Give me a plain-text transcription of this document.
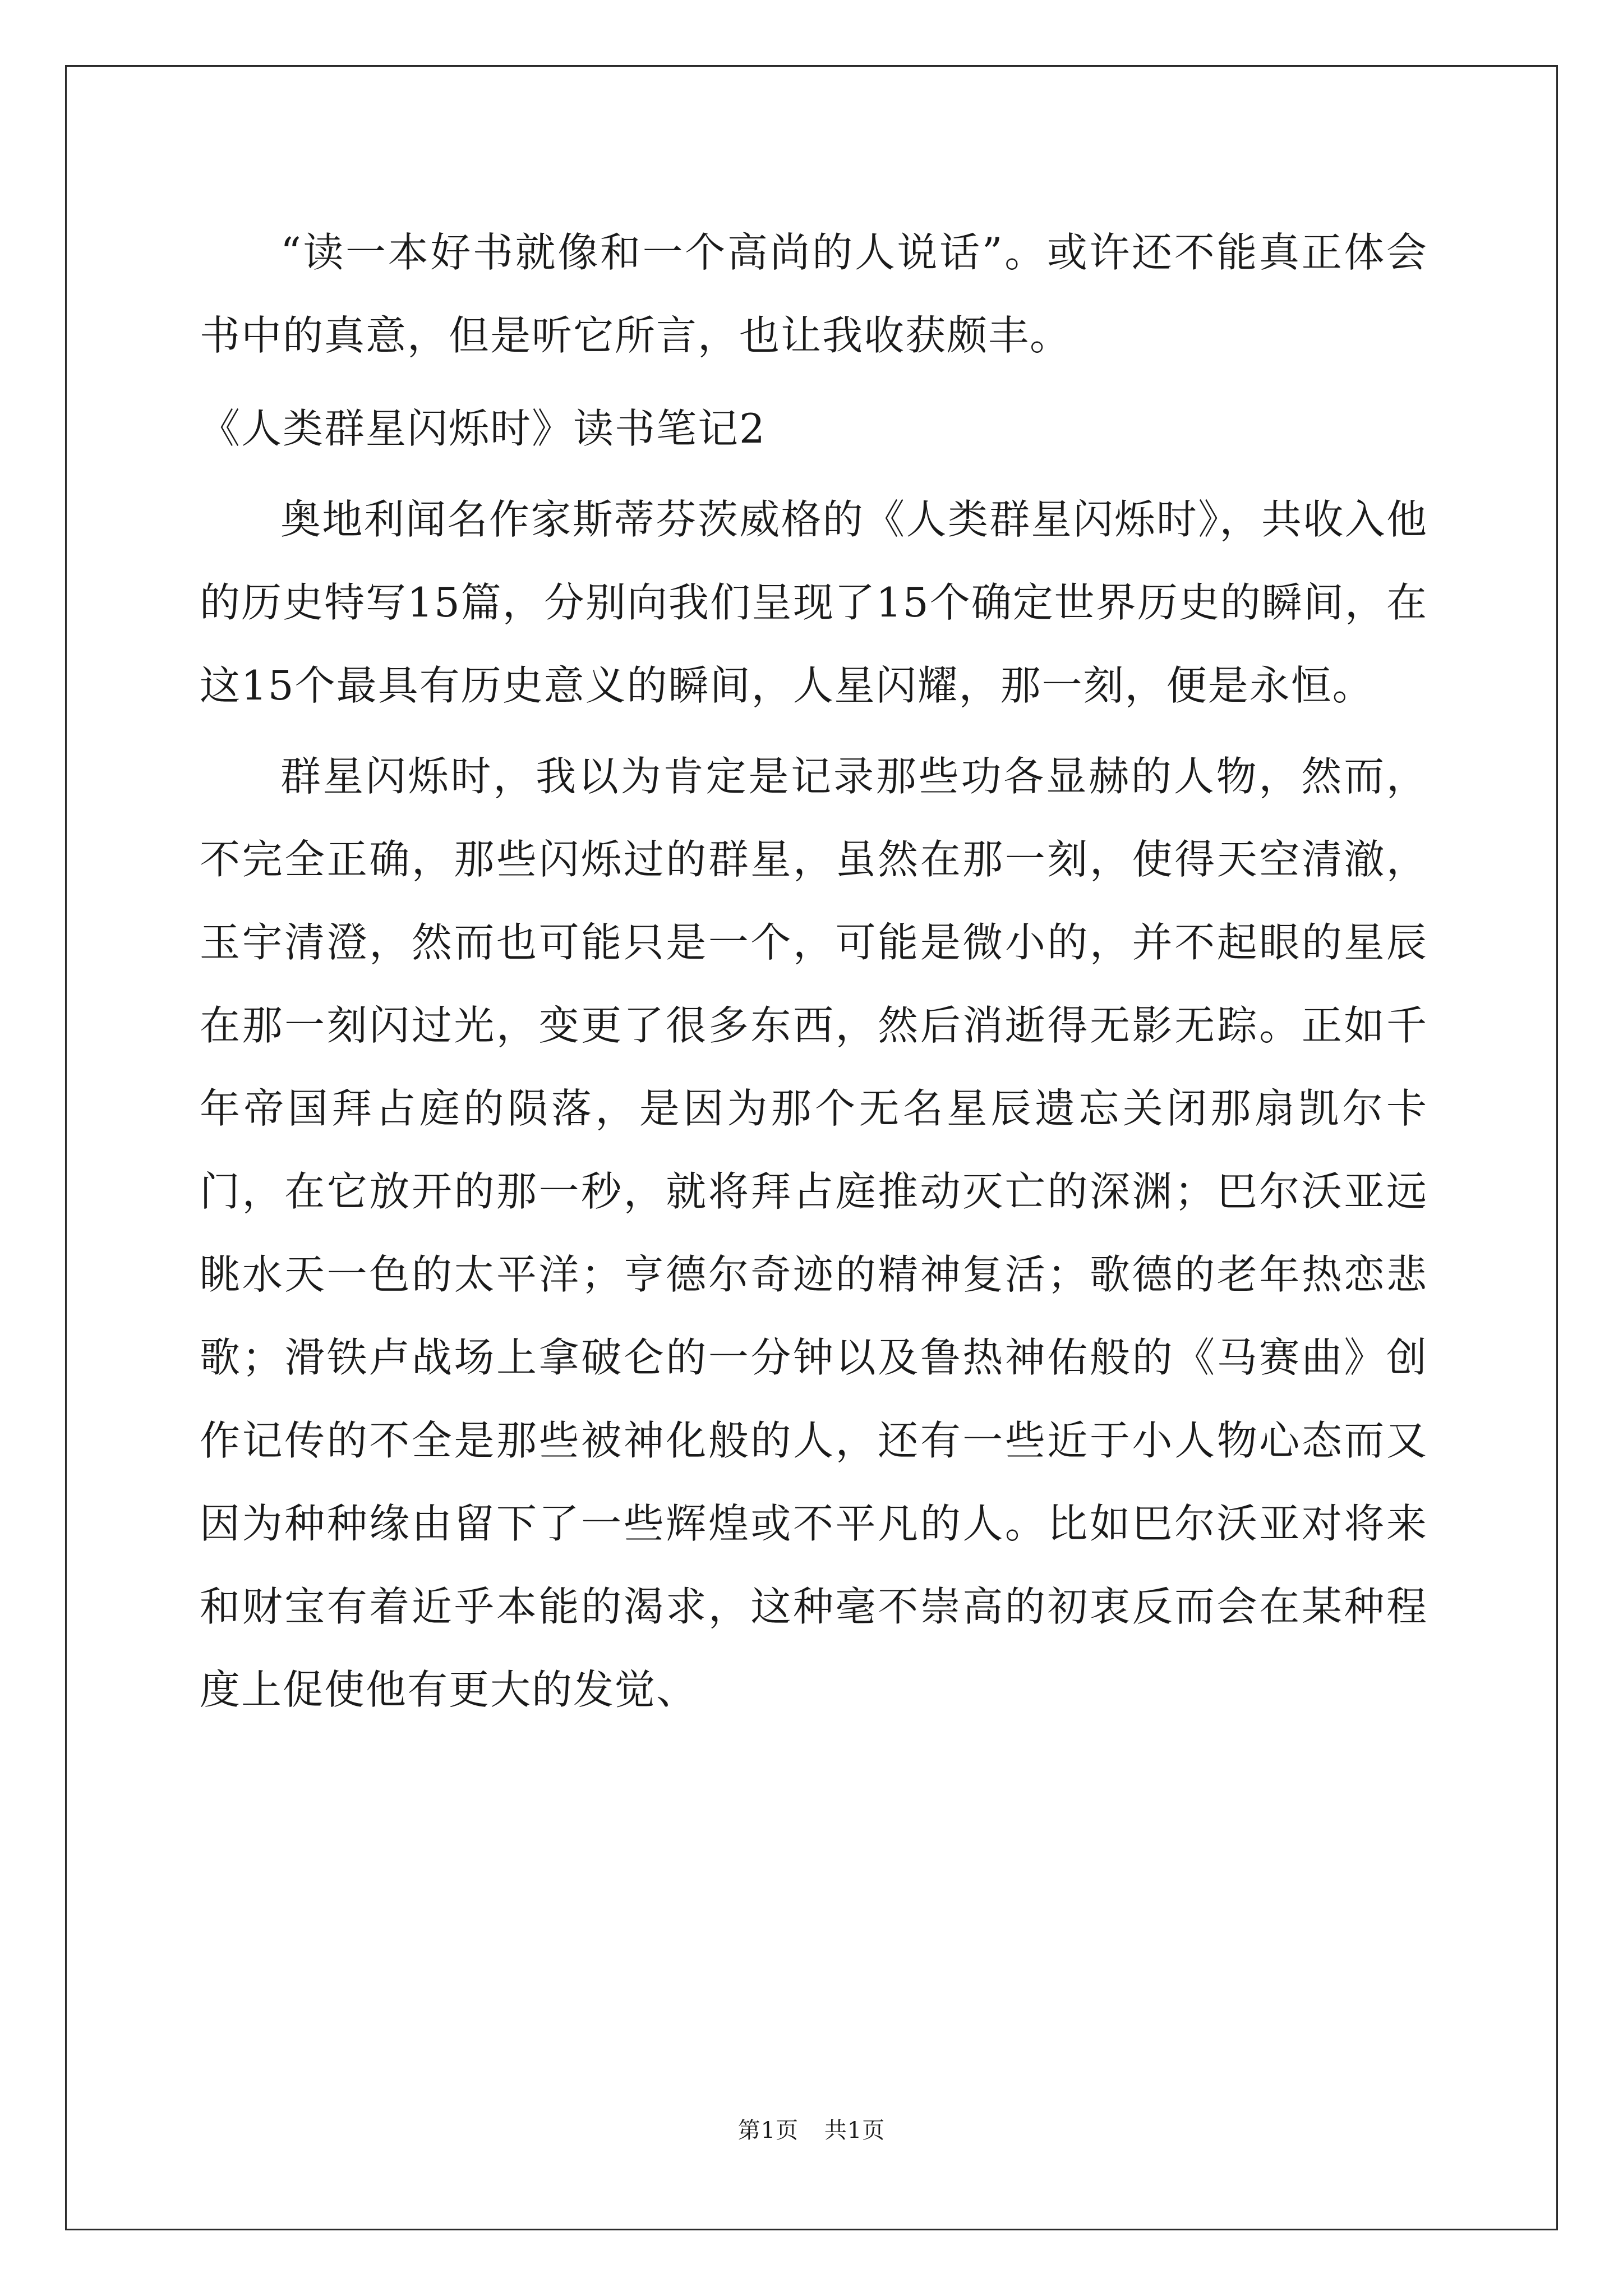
“读一本好书就像和一个高尚的人说话”。或许还不能真正体会书中的真意，但是听它所言，也让我收获颇丰。

《人类群星闪烁时》读书笔记2

奥地利闻名作家斯蒂芬茨威格的《人类群星闪烁时》，共收入他的历史特写15篇，分别向我们呈现了15个确定世界历史的瞬间，在这15个最具有历史意义的瞬间，人星闪耀，那一刻，便是永恒。

群星闪烁时，我以为肯定是记录那些功各显赫的人物，然而，不完全正确，那些闪烁过的群星，虽然在那一刻，使得天空清澈，玉宇清澄，然而也可能只是一个，可能是微小的，并不起眼的星辰在那一刻闪过光，变更了很多东西，然后消逝得无影无踪。正如千年帝国拜占庭的陨落，是因为那个无名星辰遗忘关闭那扇凯尔卡门，在它放开的那一秒，就将拜占庭推动灭亡的深渊；巴尔沃亚远眺水天一色的太平洋；亨德尔奇迹的精神复活；歌德的老年热恋悲歌；滑铁卢战场上拿破仑的一分钟以及鲁热神佑般的《马赛曲》创作记传的不全是那些被神化般的人，还有一些近于小人物心态而又因为种种缘由留下了一些辉煌或不平凡的人。比如巴尔沃亚对将来和财宝有着近乎本能的渴求，这种毫不崇高的初衷反而会在某种程度上促使他有更大的发觉、

第1页 共1页
